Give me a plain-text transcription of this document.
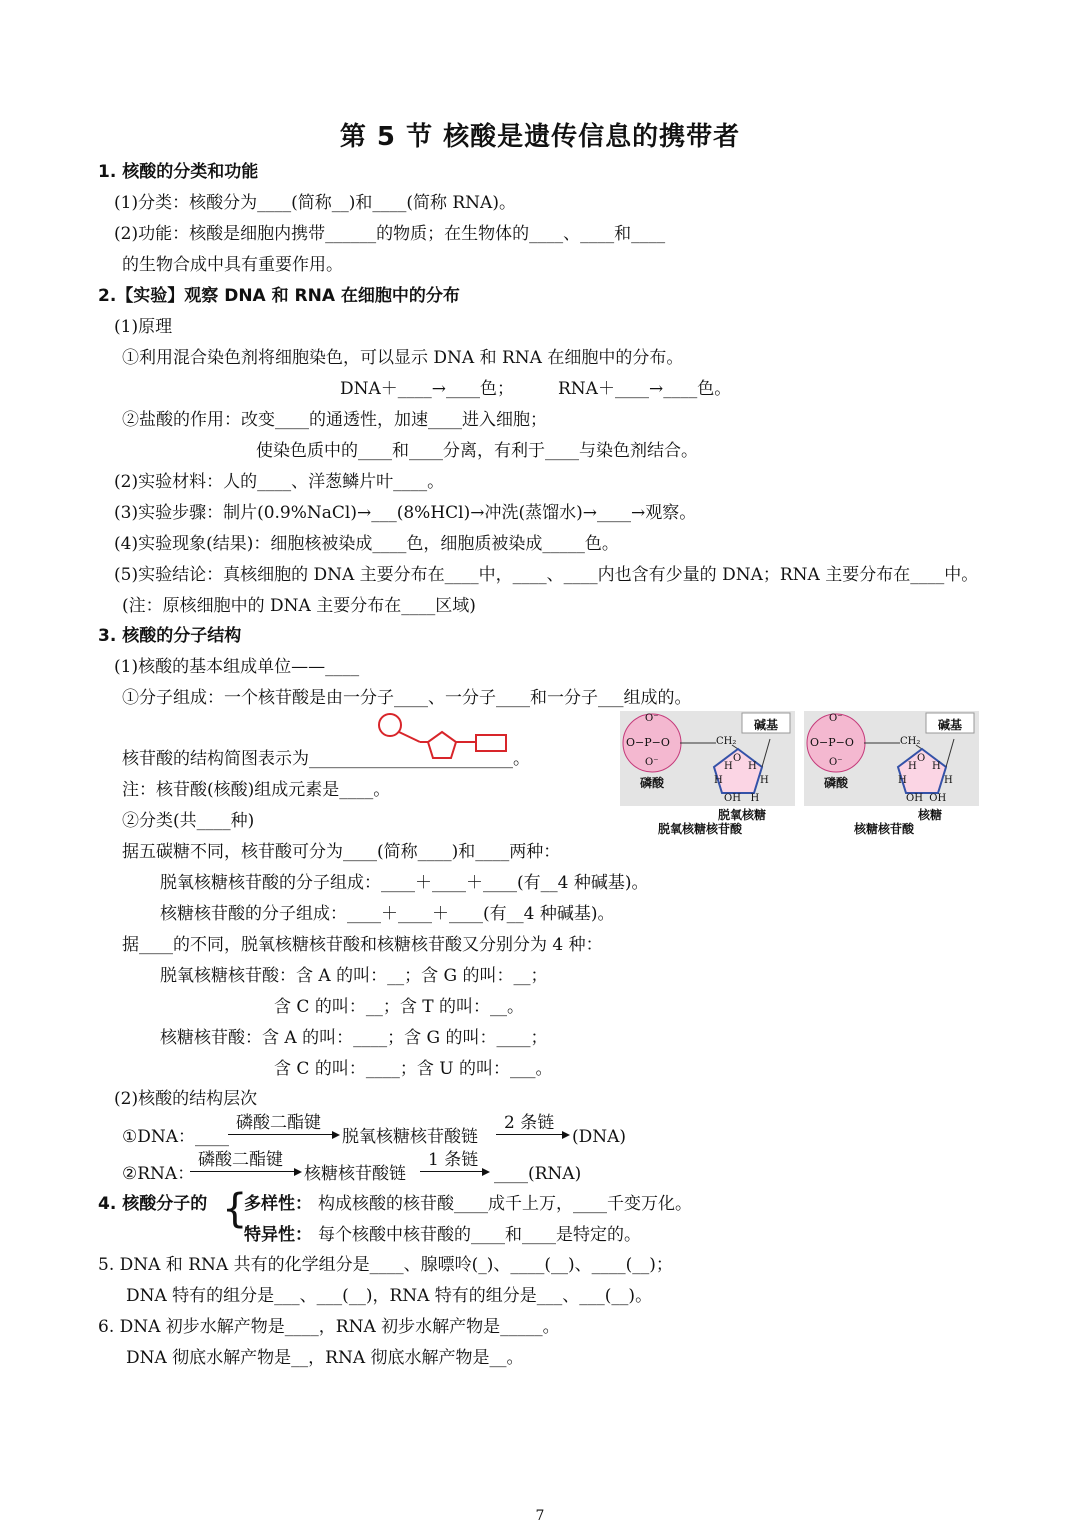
第 5 节 核酸是遗传信息的携带者
1. 核酸的分类和功能
(1)分类：核酸分为____(简称__)和____(简称 RNA)。
(2)功能：核酸是细胞内携带______的物质；在生物体的____、____和____
的生物合成中具有重要作用。
2.【实验】观察 DNA 和 RNA 在细胞中的分布
(1)原理
①利用混合染色剂将细胞染色，可以显示 DNA 和 RNA 在细胞中的分布。
DNA＋____→____色；	RNA＋____→____色。
②盐酸的作用：改变____的通透性，加速____进入细胞；
使染色质中的____和____分离，有利于____与染色剂结合。
(2)实验材料：人的____、洋葱鳞片叶____。
(3)实验步骤：制片(0.9%NaCl)→___(8%HCl)→冲洗(蒸馏水)→____→观察。
(4)实验现象(结果)：细胞核被染成____色，细胞质被染成_____色。
(5)实验结论：真核细胞的 DNA 主要分布在____中，____、____内也含有少量的 DNA；RNA 主要分布在____中。
(注：原核细胞中的 DNA 主要分布在____区域)
3. 核酸的分子结构
(1)核酸的基本组成单位——____
①分子组成：一个核苷酸是由一分子____、一分子____和一分子___组成的。
核苷酸的结构简图表示为________________________。
注：核苷酸(核酸)组成元素是____。
②分类(共____种)
据五碳糖不同，核苷酸可分为____(简称____)和____两种：
脱氧核糖核苷酸的分子组成：____＋____＋____(有__4 种碱基)。
核糖核苷酸的分子组成：____＋____＋____(有__4 种碱基)。
据____的不同，脱氧核糖核苷酸和核糖核苷酸又分别分为 4 种：
脱氧核糖核苷酸：含 A 的叫：__；含 G 的叫：__；
含 C 的叫：__；含 T 的叫：__。
核糖核苷酸：含 A 的叫：____；含 G 的叫：____；
含 C 的叫：____；含 U 的叫：___。
(2)核酸的结构层次
①DNA：____
磷酸二酯键
脱氧核糖核苷酸链
2 条链
(DNA)
②RNA：
磷酸二酯键
核糖核苷酸链
1 条链
____(RNA)
4. 核酸分子的 {
多样性： 构成核酸的核苷酸____成千上万，____千变万化。
特异性： 每个核酸中核苷酸的____和____是特定的。
5. DNA 和 RNA 共有的化学组分是____、腺嘌呤(_)、____(__)、____(__)；
DNA 特有的组分是___、___(__)，RNA 特有的组分是___、___(__)。
6. DNA 初步水解产物是____，RNA 初步水解产物是_____。
DNA 彻底水解产物是__，RNA 彻底水解产物是__。
O⁻
O−P−O
O⁻
磷酸
CH₂
碱基
O
H H
H	H
OH   H
脱氧核糖
脱氧核糖核苷酸
O⁻
O−P−O
O⁻
磷酸
CH₂
碱基
O
H H
H	H
OH  OH
核糖
核糖核苷酸
7
